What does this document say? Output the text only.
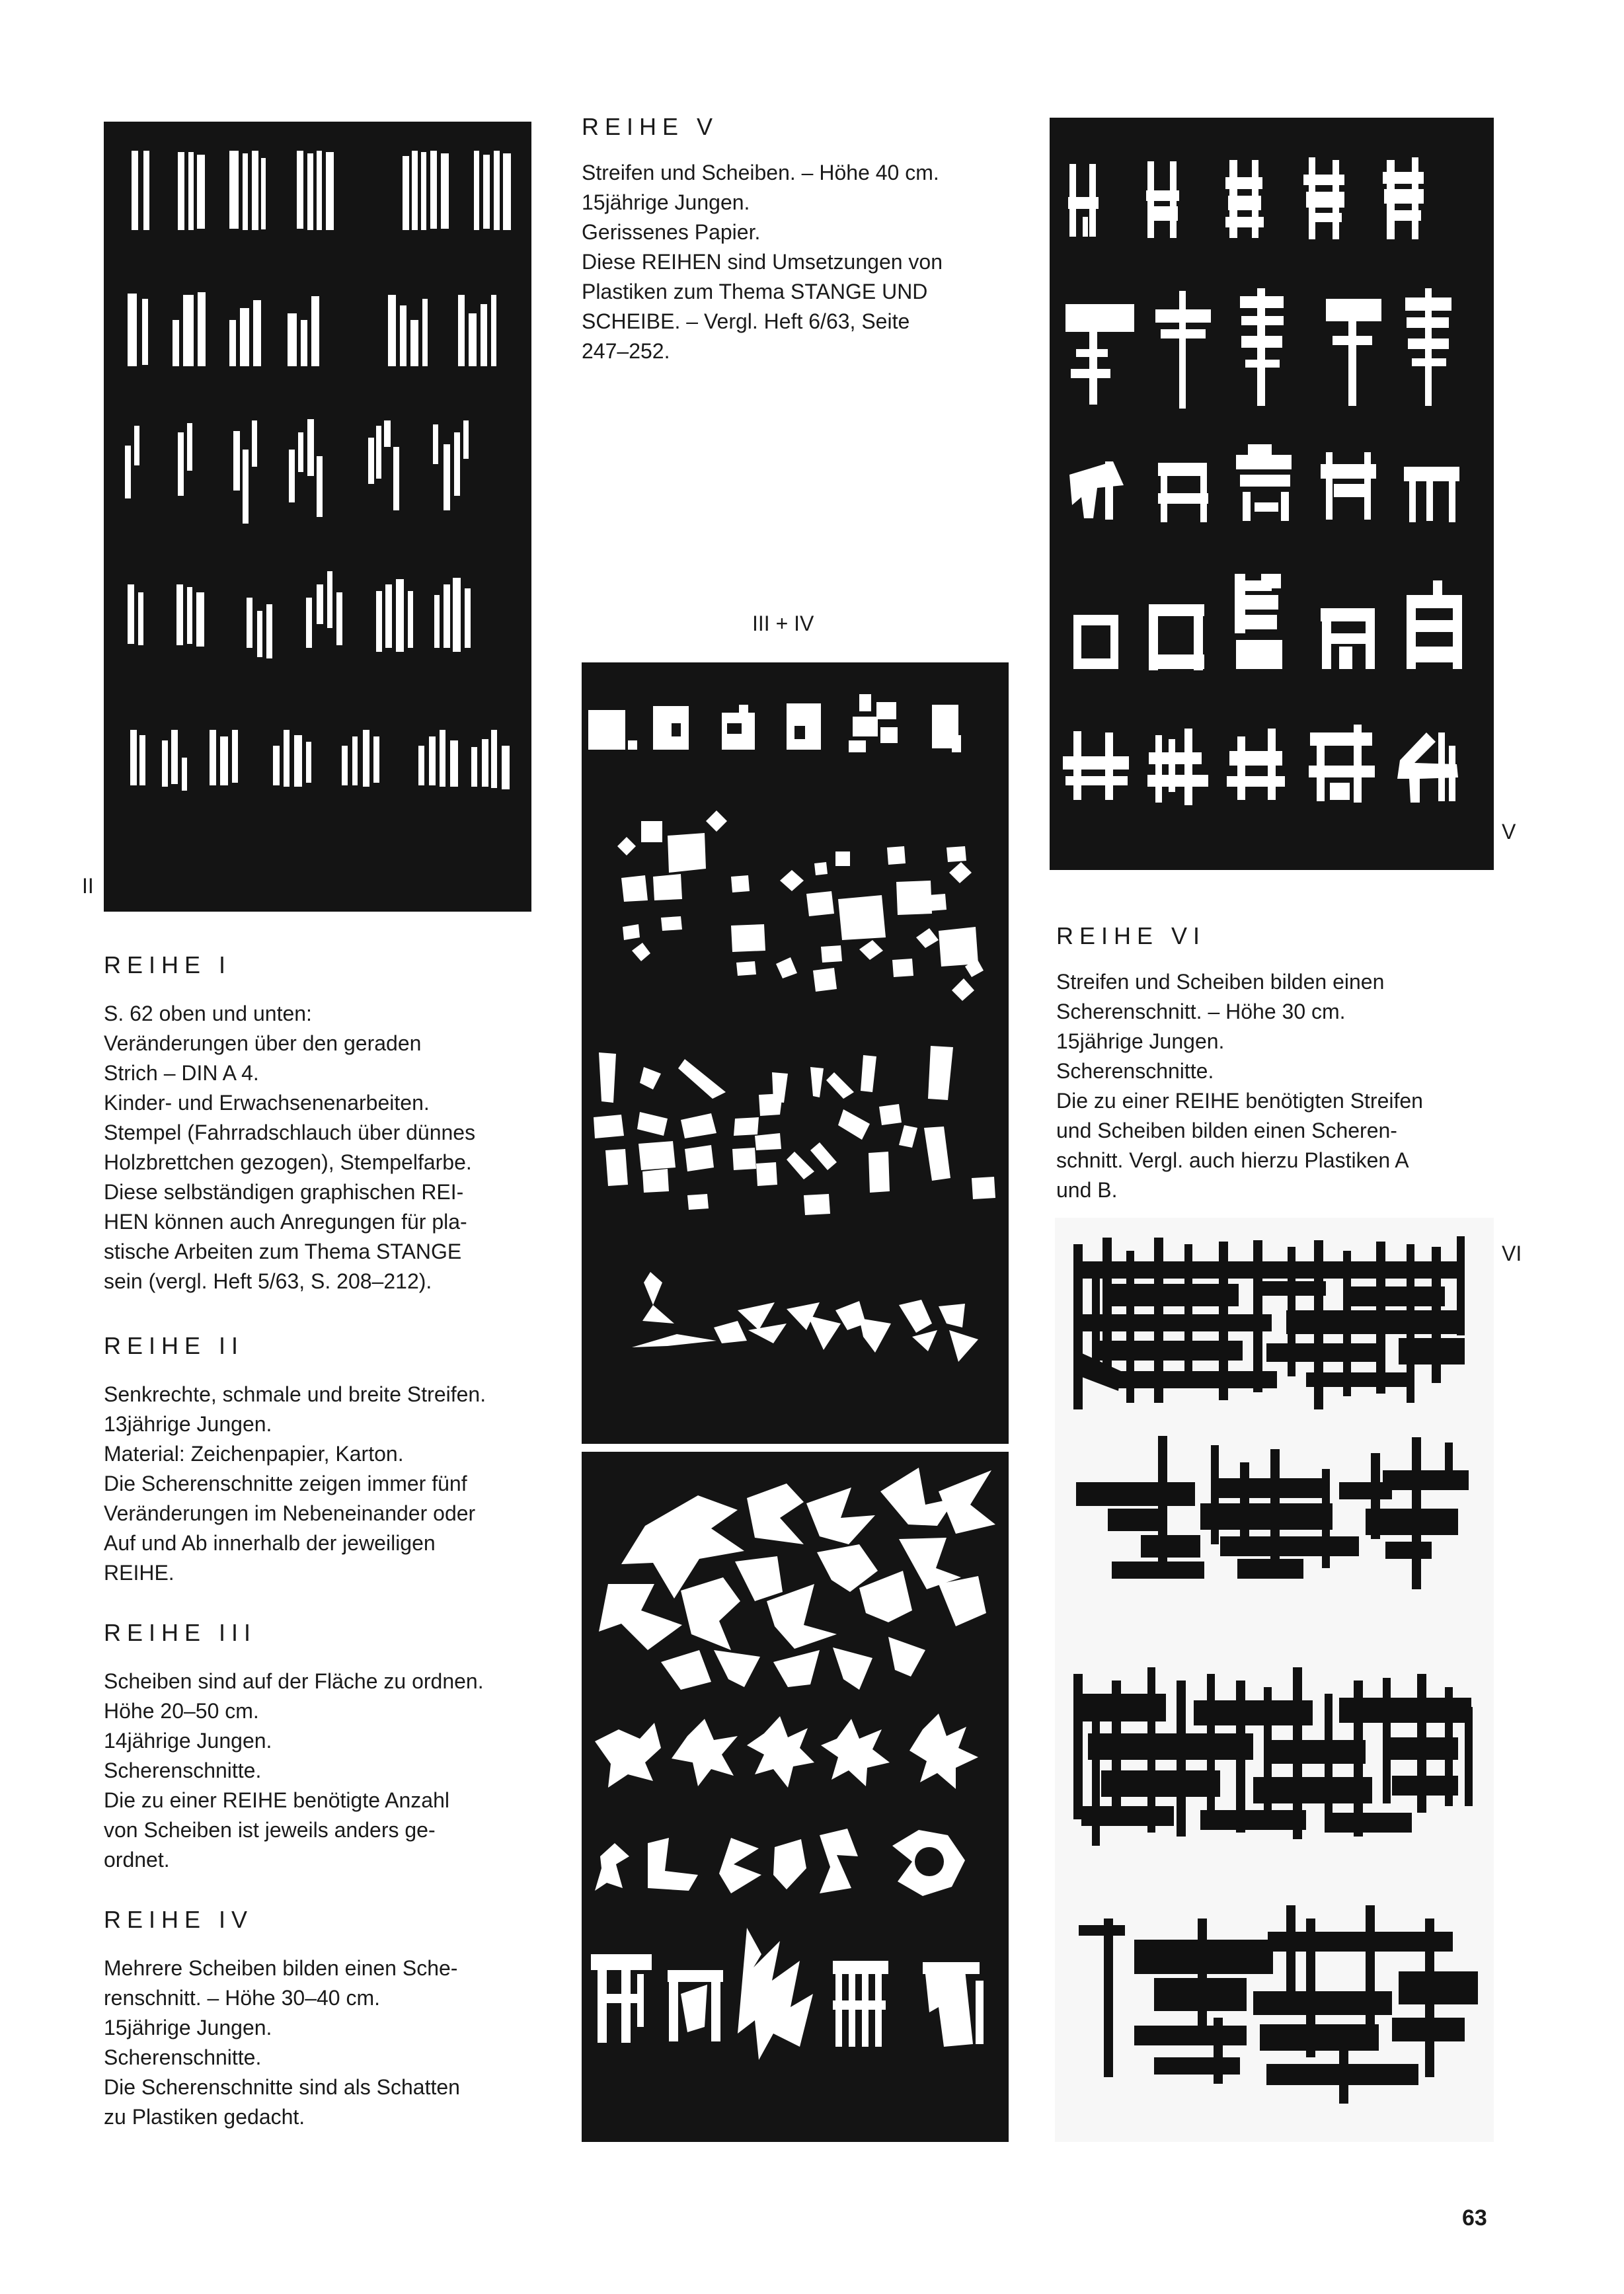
II
REIHE V

Streifen und Scheiben. – Höhe 40 cm.

15jährige Jungen.

Gerissenes Papier.

Diese REIHEN sind Umsetzungen von

Plastiken zum Thema STANGE UND

SCHEIBE. – Vergl. Heft 6/63, Seite

247–252.

V
III + IV
REIHE VI

Streifen und Scheiben bilden einen

Scherenschnitt. – Höhe 30 cm.

15jährige Jungen.

Scherenschnitte.

Die zu einer REIHE benötigten Streifen

und Scheiben bilden einen Scheren-

schnitt. Vergl. auch hierzu Plastiken A

und B.

VI
REIHE I

S. 62 oben und unten:

Veränderungen über den geraden

Strich – DIN A 4.

Kinder- und Erwachsenenarbeiten.

Stempel (Fahrradschlauch über dünnes

Holzbrettchen gezogen), Stempelfarbe.

Diese selbständigen graphischen REI-

HEN können auch Anregungen für pla-

stische Arbeiten zum Thema STANGE

sein (vergl. Heft 5/63, S. 208–212).

REIHE II

Senkrechte, schmale und breite Streifen.

13jährige Jungen.

Material: Zeichenpapier, Karton.

Die Scherenschnitte zeigen immer fünf

Veränderungen im Nebeneinander oder

Auf und Ab innerhalb der jeweiligen

REIHE.

REIHE III

Scheiben sind auf der Fläche zu ordnen.

Höhe 20–50 cm.

14jährige Jungen.

Scherenschnitte.

Die zu einer REIHE benötigte Anzahl

von Scheiben ist jeweils anders ge-

ordnet.

REIHE IV

Mehrere Scheiben bilden einen Sche-

renschnitt. – Höhe 30–40 cm.

15jährige Jungen.

Scherenschnitte.

Die Scherenschnitte sind als Schatten

zu Plastiken gedacht.

63
